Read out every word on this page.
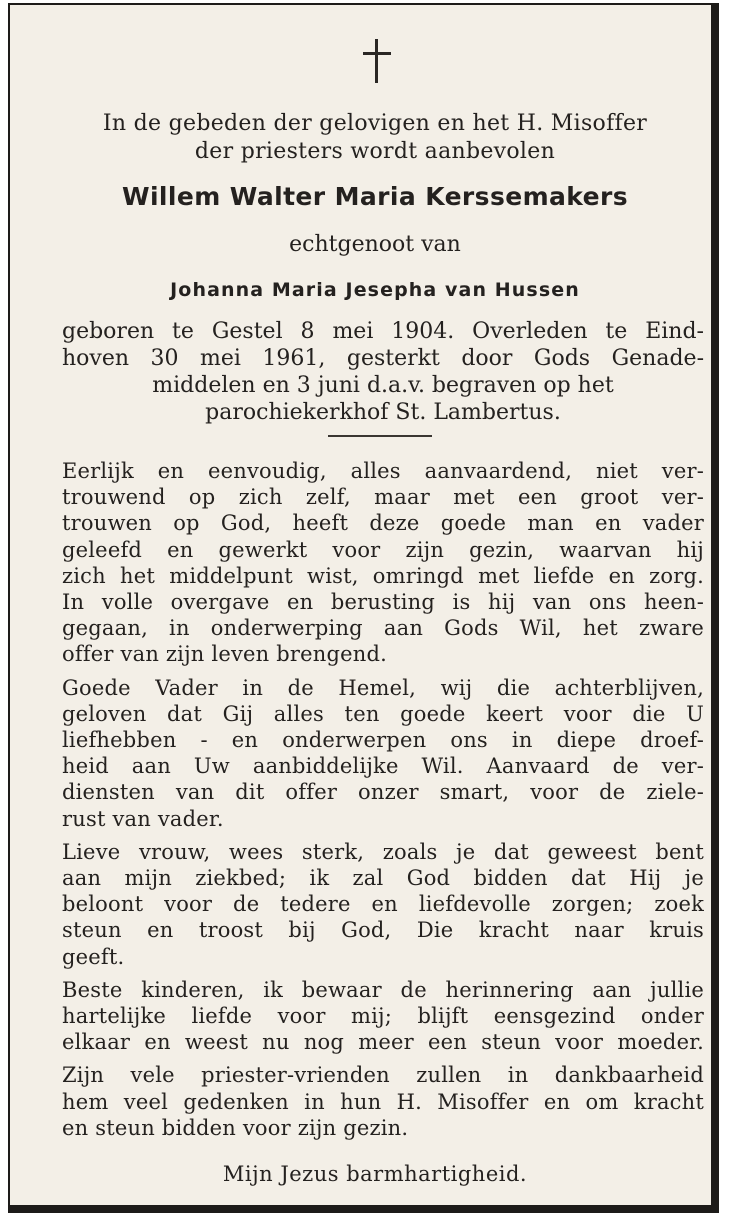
In de gebeden der gelovigen en het H. Misoffer
der priesters wordt aanbevolen
Willem Walter Maria Kerssemakers
echtgenoot van
Johanna Maria Jesepha van Hussen
geboren te Gestel 8 mei 1904. Overleden te Eind-
hoven 30 mei 1961, gesterkt door Gods Genade-
middelen en 3 juni d.a.v. begraven op het
parochiekerkhof St. Lambertus.
Eerlijk en eenvoudig, alles aanvaardend, niet ver-
trouwend op zich zelf, maar met een groot ver-
trouwen op God, heeft deze goede man en vader
geleefd en gewerkt voor zijn gezin, waarvan hij
zich het middelpunt wist, omringd met liefde en zorg.
In volle overgave en berusting is hij van ons heen-
gegaan, in onderwerping aan Gods Wil, het zware
offer van zijn leven brengend.
Goede Vader in de Hemel, wij die achterblijven,
geloven dat Gij alles ten goede keert voor die U
liefhebben - en onderwerpen ons in diepe droef-
heid aan Uw aanbiddelijke Wil. Aanvaard de ver-
diensten van dit offer onzer smart, voor de ziele-
rust van vader.
Lieve vrouw, wees sterk, zoals je dat geweest bent
aan mijn ziekbed; ik zal God bidden dat Hij je
beloont voor de tedere en liefdevolle zorgen; zoek
steun en troost bij God, Die kracht naar kruis
geeft.
Beste kinderen, ik bewaar de herinnering aan jullie
hartelijke liefde voor mij; blijft eensgezind onder
elkaar en weest nu nog meer een steun voor moeder.
Zijn vele priester-vrienden zullen in dankbaarheid
hem veel gedenken in hun H. Misoffer en om kracht
en steun bidden voor zijn gezin.
Mijn Jezus barmhartigheid.
